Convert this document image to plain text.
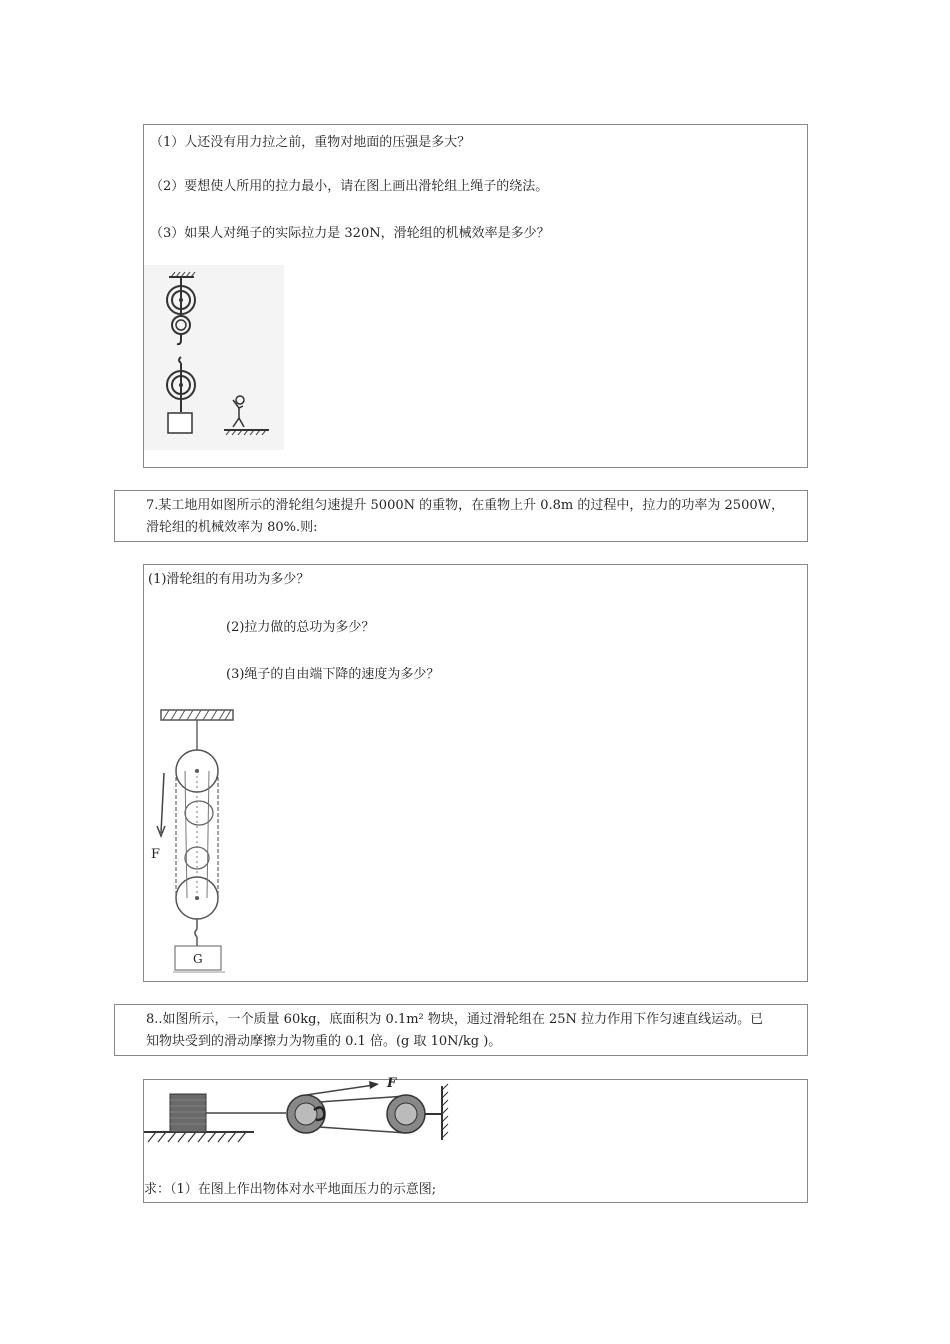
（1）人还没有用力拉之前，重物对地面的压强是多大？
（2）要想使人所用的拉力最小，请在图上画出滑轮组上绳子的绕法。
（3）如果人对绳子的实际拉力是 320N，滑轮组的机械效率是多少？
7.某工地用如图所示的滑轮组匀速提升 5000N 的重物，在重物上升 0.8m 的过程中，拉力的功率为 2500W，
滑轮组的机械效率为 80%.则:
(1)滑轮组的有用功为多少？
(2)拉力做的总功为多少？
(3)绳子的自由端下降的速度为多少？
F
G
8..如图所示，一个质量 60kg，底面积为 0.1m² 物块，通过滑轮组在 25N 拉力作用下作匀速直线运动。已
知物块受到的滑动摩擦力为物重的 0.1 倍。(g 取 10N/kg )。
F
求：（1）在图上作出物体对水平地面压力的示意图;
